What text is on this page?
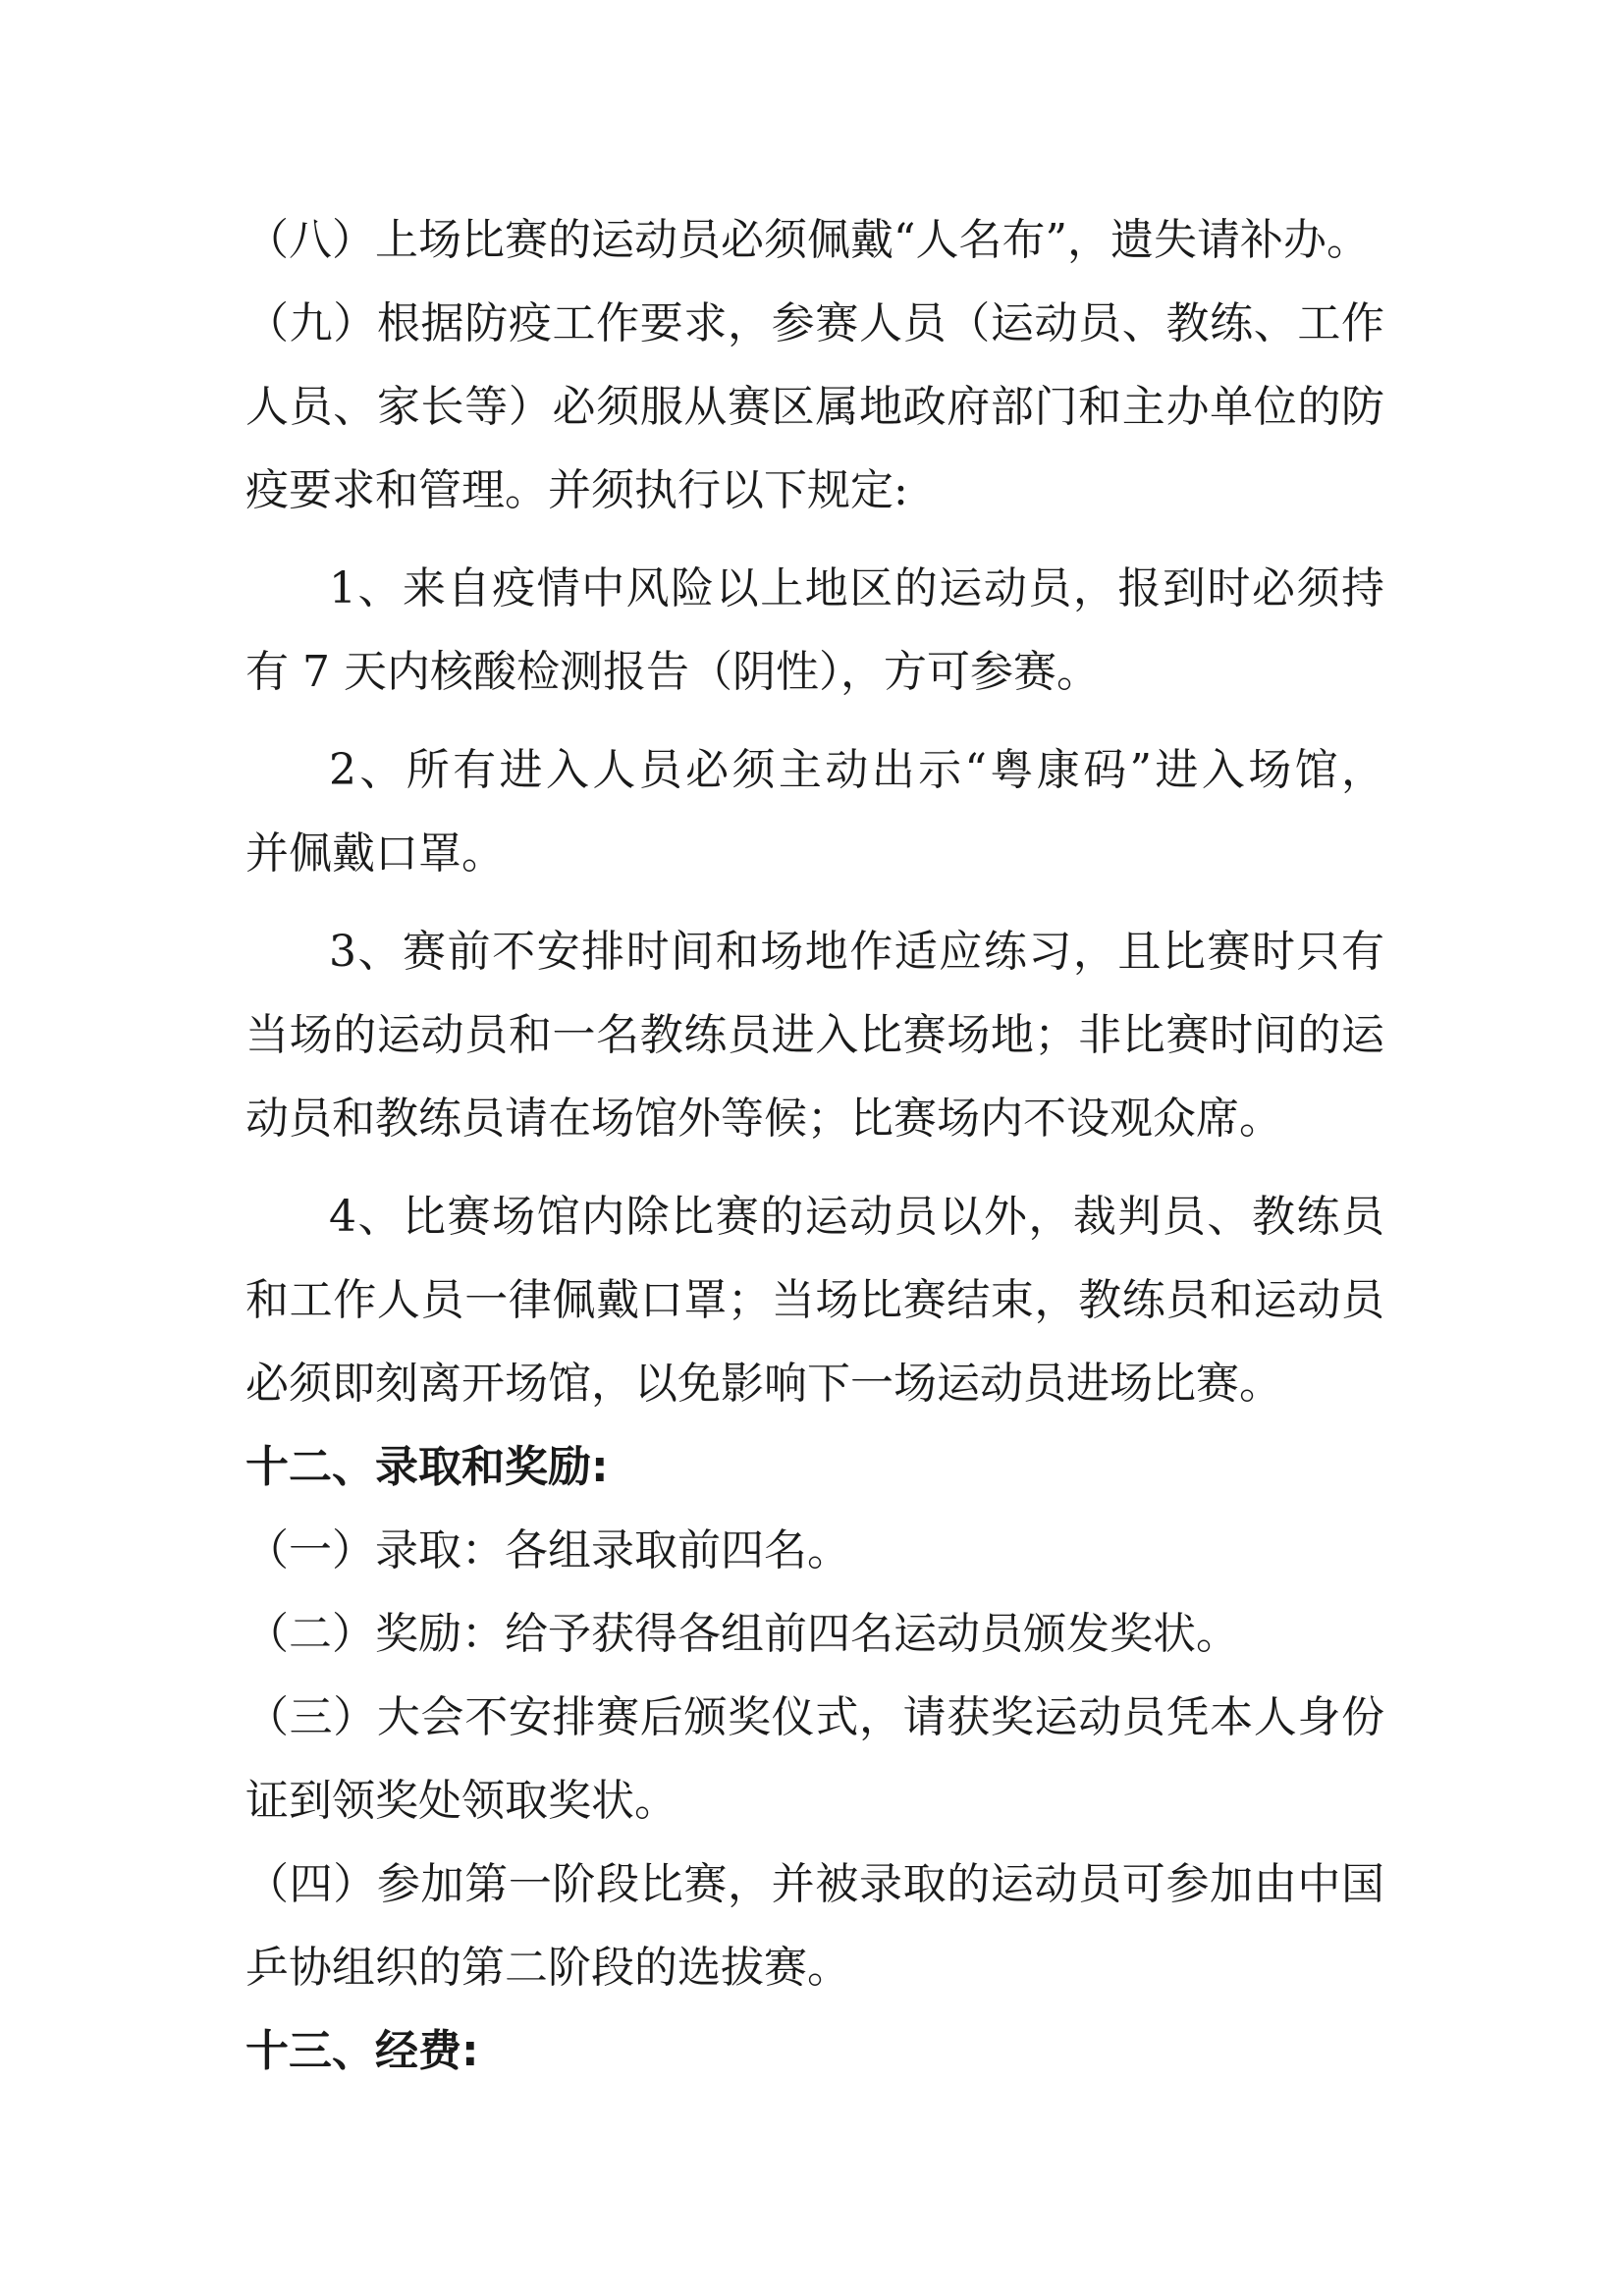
（八）上场比赛的运动员必须佩戴“人名布”，遗失请补办。
（九）根据防疫工作要求，参赛人员（运动员、教练、工作
人员、家长等）必须服从赛区属地政府部门和主办单位的防
疫要求和管理。并须执行以下规定:
1、来自疫情中风险以上地区的运动员，报到时必须持
有 7 天内核酸检测报告（阴性），方可参赛。
2、所有进入人员必须主动出示“粤康码”进入场馆，
并佩戴口罩。
3、赛前不安排时间和场地作适应练习，且比赛时只有
当场的运动员和一名教练员进入比赛场地；非比赛时间的运
动员和教练员请在场馆外等候；比赛场内不设观众席。
4、比赛场馆内除比赛的运动员以外，裁判员、教练员
和工作人员一律佩戴口罩；当场比赛结束，教练员和运动员
必须即刻离开场馆，以免影响下一场运动员进场比赛。
十二、录取和奖励:
（一）录取：各组录取前四名。
（二）奖励：给予获得各组前四名运动员颁发奖状。
（三）大会不安排赛后颁奖仪式，请获奖运动员凭本人身份
证到领奖处领取奖状。
（四）参加第一阶段比赛，并被录取的运动员可参加由中国
乒协组织的第二阶段的选拔赛。
十三、经费:
